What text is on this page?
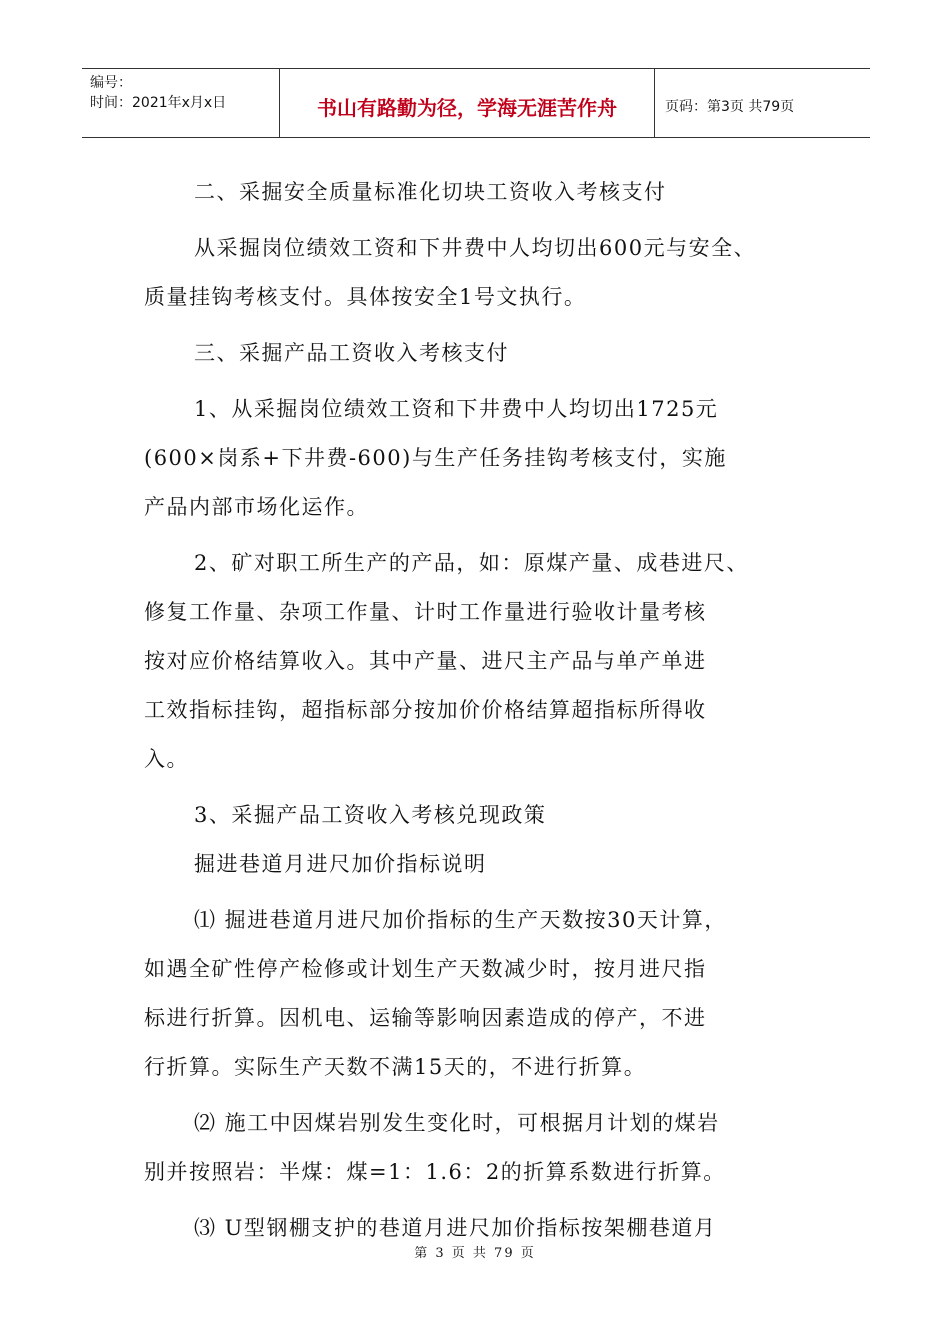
编号：
时间：2021年x月x日	书山有路勤为径，学海无涯苦作舟	页码：第3页 共79页
二、采掘安全质量标准化切块工资收入考核支付
从采掘岗位绩效工资和下井费中人均切出600元与安全、
质量挂钩考核支付。具体按安全1号文执行。
三、采掘产品工资收入考核支付
1、从采掘岗位绩效工资和下井费中人均切出1725元
(600×岗系+下井费-600)与生产任务挂钩考核支付，实施
产品内部市场化运作。
2、矿对职工所生产的产品，如：原煤产量、成巷进尺、
修复工作量、杂项工作量、计时工作量进行验收计量考核
按对应价格结算收入。其中产量、进尺主产品与单产单进
工效指标挂钩，超指标部分按加价价格结算超指标所得收
入。
3、采掘产品工资收入考核兑现政策
掘进巷道月进尺加价指标说明
⑴ 掘进巷道月进尺加价指标的生产天数按30天计算，
如遇全矿性停产检修或计划生产天数减少时，按月进尺指
标进行折算。因机电、运输等影响因素造成的停产，不进
行折算。实际生产天数不满15天的，不进行折算。
⑵ 施工中因煤岩别发生变化时，可根据月计划的煤岩
别并按照岩：半煤：煤=1：1.6：2的折算系数进行折算。
⑶ U型钢棚支护的巷道月进尺加价指标按架棚巷道月
第 3 页 共 79 页
